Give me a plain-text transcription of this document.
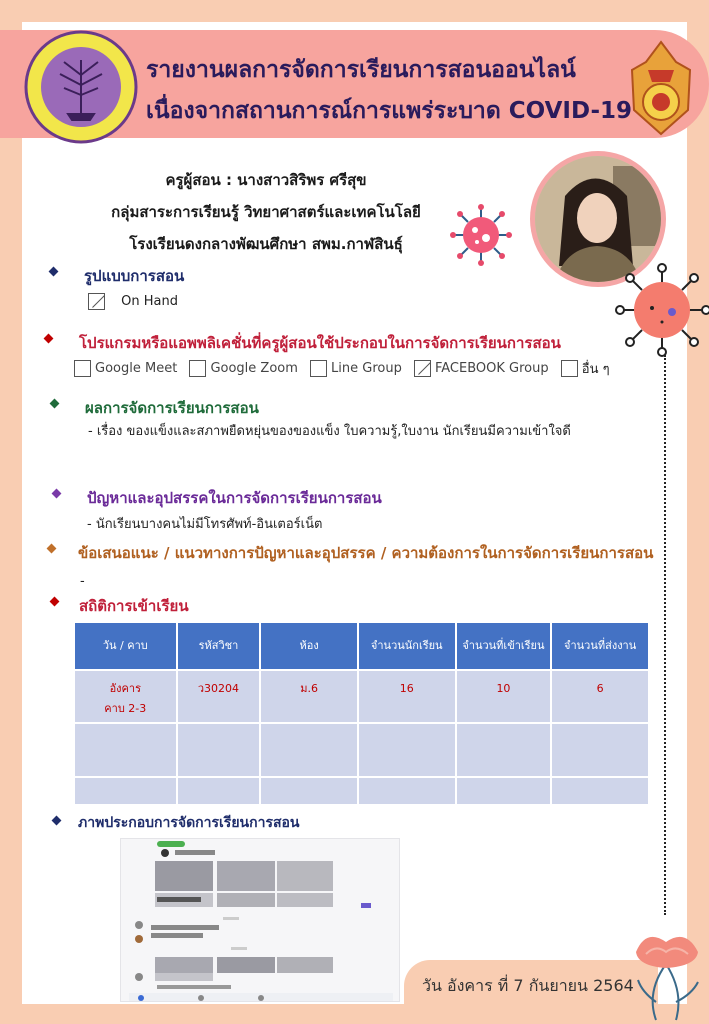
รายงานผลการจัดการเรียนการสอนออนไลน์
เนื่องจากสถานการณ์การแพร่ระบาด COVID-19
ครูผู้สอน : นางสาวสิริพร ศรีสุข
กลุ่มสาระการเรียนรู้ วิทยาศาสตร์และเทคโนโลยี
โรงเรียนดงกลางพัฒนศึกษา สพม.กาฬสินธุ์
รูปแบบการสอน
On Hand
โปรแกรมหรือแอพพลิเคชั่นที่ครูผู้สอนใช้ประกอบในการจัดการเรียนการสอน
Google Meet
	Google Zoom
	Line Group
	FACEBOOK Group
	อื่น ๆ
ผลการจัดการเรียนการสอน
- เรื่อง ของแข็งและสภาพยืดหยุ่นของของแข็ง ใบความรู้,ใบงาน นักเรียนมีความเข้าใจดี
ปัญหาและอุปสรรคในการจัดการเรียนการสอน
- นักเรียนบางคนไม่มีโทรศัพท์-อินเตอร์เน็ต
ข้อเสนอแนะ / แนวทางการปัญหาและอุปสรรค / ความต้องการในการจัดการเรียนการสอน
-
สถิติการเข้าเรียน
วัน / คาบ	รหัสวิชา	ห้อง	จำนวนนักเรียน	จำนวนที่เข้าเรียน	จำนวนที่ส่งงาน

อังคาร
คาบ 2-3	ว30204	ม.6	16	10	6

ภาพประกอบการจัดการเรียนการสอน
วัน อังคาร ที่ 7 กันยายน 2564
